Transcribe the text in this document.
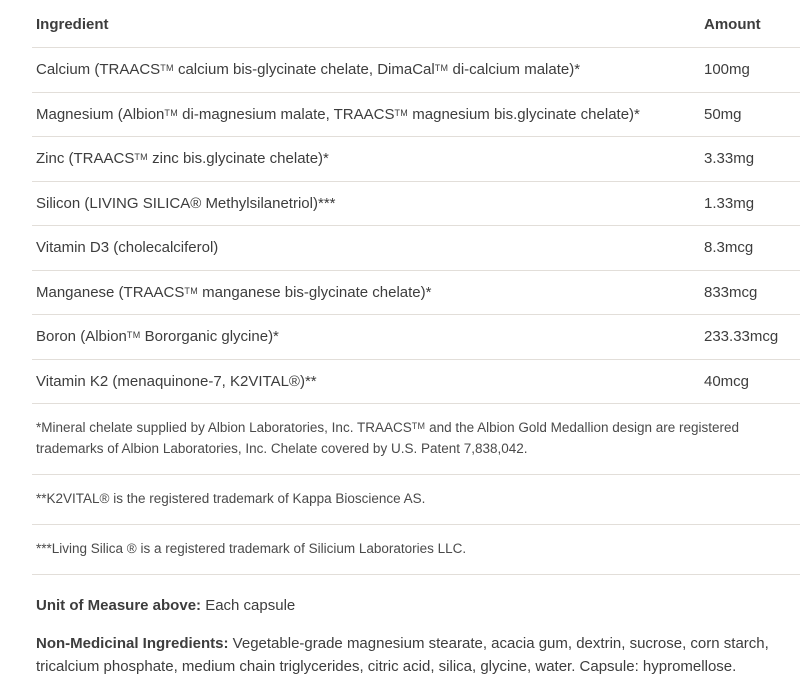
Ingredient	Amount
Calcium (TRAACS™ calcium bis-glycinate chelate, DimaCal™ di-calcium malate)*	100mg
Magnesium (Albion™ di-magnesium malate, TRAACS™ magnesium bis.glycinate chelate)*	50mg
Zinc (TRAACS™ zinc bis.glycinate chelate)*	3.33mg
Silicon (LIVING SILICA® Methylsilanetriol)***	1.33mg
Vitamin D3 (cholecalciferol)	8.3mcg
Manganese (TRAACS™ manganese bis-glycinate chelate)*	833mcg
Boron (Albion™ Bororganic glycine)*	233.33mcg
Vitamin K2 (menaquinone-7, K2VITAL®)**	40mcg
*Mineral chelate supplied by Albion Laboratories, Inc. TRAACS™ and the Albion Gold Medallion design are registered trademarks of Albion Laboratories, Inc. Chelate covered by U.S. Patent 7,838,042.	
**K2VITAL® is the registered trademark of Kappa Bioscience AS.	
***Living Silica ® is a registered trademark of Silicium Laboratories LLC.	

Unit of Measure above: Each capsule

Non-Medicinal Ingredients: Vegetable-grade magnesium stearate, acacia gum, dextrin, sucrose, corn starch, tricalcium phosphate, medium chain triglycerides, citric acid, silica, glycine, water. Capsule: hypromellose.
